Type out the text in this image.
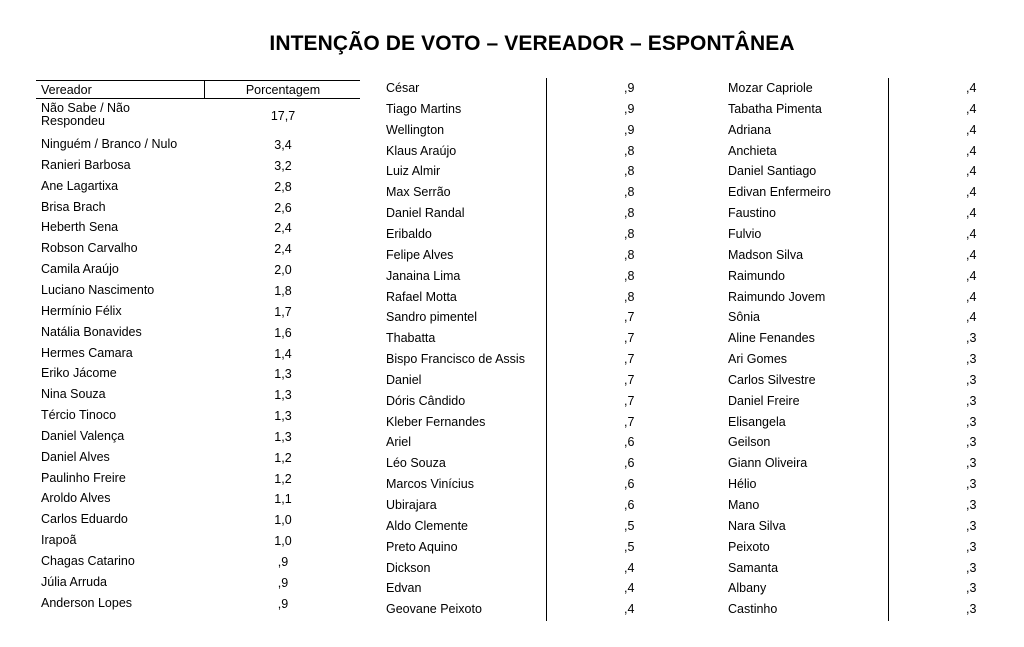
INTENÇÃO DE VOTO – VEREADOR – ESPONTÂNEA
Vereador	Porcentagem
Não Sabe / Não Respondeu	17,7
Ninguém / Branco / Nulo	3,4
Ranieri Barbosa	3,2
Ane Lagartixa	2,8
Brisa Brach	2,6
Heberth Sena	2,4
Robson Carvalho	2,4
Camila Araújo	2,0
Luciano Nascimento	1,8
Hermínio Félix	1,7
Natália Bonavides	1,6
Hermes Camara	1,4
Eriko Jácome	1,3
Nina Souza	1,3
Tércio Tinoco	1,3
Daniel Valença	1,3
Daniel Alves	1,2
Paulinho Freire	1,2
Aroldo Alves	1,1
Carlos Eduardo	1,0
Irapoã	1,0
Chagas Catarino	,9
Júlia Arruda	,9
Anderson Lopes	,9
César	,9
Tiago Martins	,9
Wellington	,9
Klaus Araújo	,8
Luiz Almir	,8
Max Serrão	,8
Daniel Randal	,8
Eribaldo	,8
Felipe Alves	,8
Janaina Lima	,8
Rafael Motta	,8
Sandro pimentel	,7
Thabatta	,7
Bispo Francisco de Assis	,7
Daniel	,7
Dóris Cândido	,7
Kleber Fernandes	,7
Ariel	,6
Léo Souza	,6
Marcos Vinícius	,6
Ubirajara	,6
Aldo Clemente	,5
Preto Aquino	,5
Dickson	,4
Edvan	,4
Geovane Peixoto	,4
Mozar Capriole	,4
Tabatha Pimenta	,4
Adriana	,4
Anchieta	,4
Daniel Santiago	,4
Edivan Enfermeiro	,4
Faustino	,4
Fulvio	,4
Madson Silva	,4
Raimundo	,4
Raimundo Jovem	,4
Sônia	,4
Aline Fenandes	,3
Ari Gomes	,3
Carlos Silvestre	,3
Daniel Freire	,3
Elisangela	,3
Geilson	,3
Giann Oliveira	,3
Hélio	,3
Mano	,3
Nara Silva	,3
Peixoto	,3
Samanta	,3
Albany	,3
Castinho	,3
